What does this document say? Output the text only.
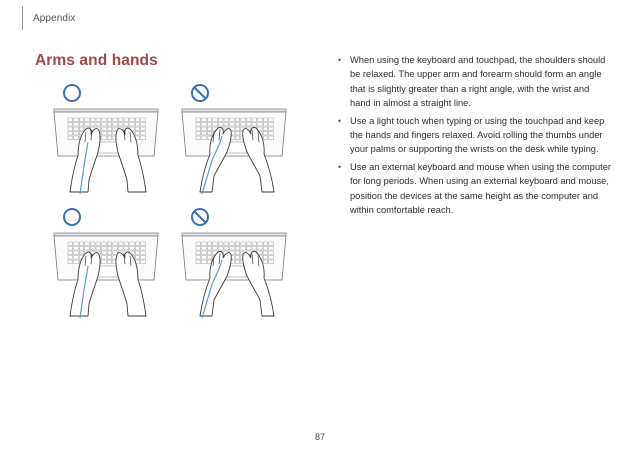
Appendix
Arms and hands	• When using the keyboard and touchpad, the shoulders should be relaxed. The upper arm and forearm should form an angle that is slightly greater than a right angle, with the wrist and hand in almost a straight line.
• Use a light touch when typing or using the touchpad and keep the hands and fingers relaxed. Avoid rolling the thumbs under your palms or supporting the wrists on the desk while typing.
• Use an external keyboard and mouse when using the computer for long periods. When using an external keyboard and mouse, position the devices at the same height as the computer and within comfortable reach.
87
